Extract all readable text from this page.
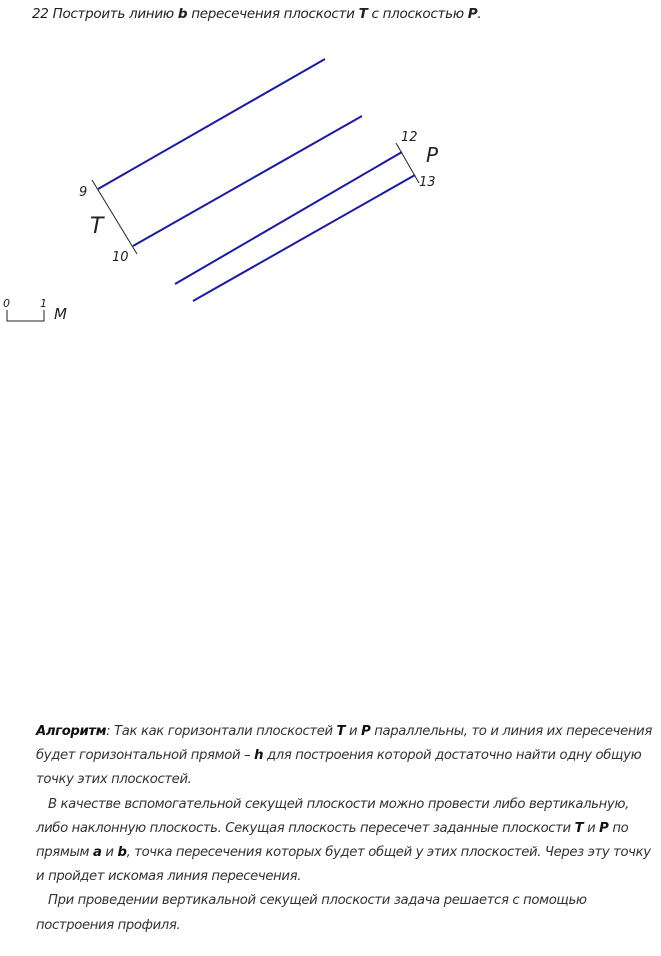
22 Построить линию b пересечения плоскости T с плоскостью P.
9
10
12
13
T
P
0	1
M

Алгоритм: Так как горизонтали плоскостей T и P параллельны, то и линия их пересечения будет горизонтальной прямой – h для построения которой достаточно найти одну общую точку этих плоскостей.

В качестве вспомогательной секущей плоскости можно провести либо вертикальную, либо наклонную плоскость. Секущая плоскость пересечет заданные плоскости T и P по прямым a и b, точка пересечения которых будет общей у этих плоскостей. Через эту точку и пройдет искомая линия пересечения.

При проведении вертикальной секущей плоскости задача решается с помощью построения профиля.
